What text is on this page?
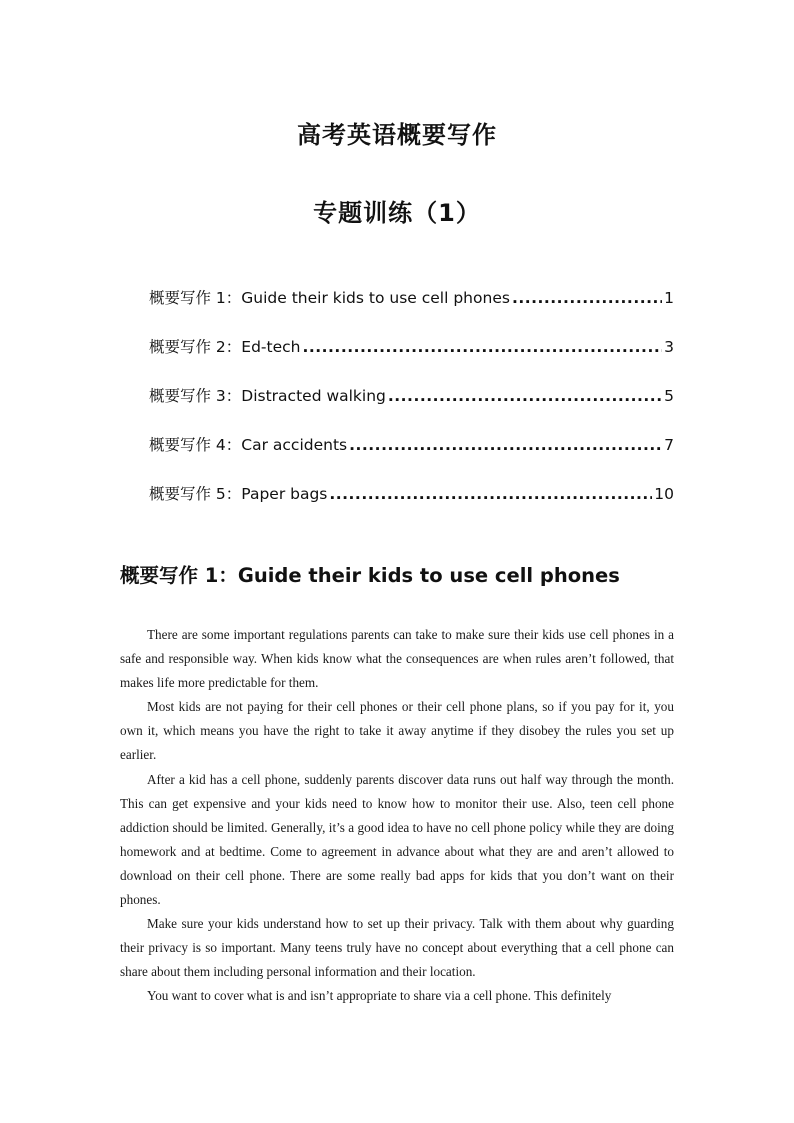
高考英语概要写作
专题训练（1）
概要写作 1：Guide their kids to use cell phones .....	1
概要写作 2：Ed-tech .....	3
概要写作 3：Distracted walking .....	5
概要写作 4：Car accidents .....	7
概要写作 5：Paper bags .....	10
概要写作 1：Guide their kids to use cell phones

There are some important regulations parents can take to make sure their kids use cell phones in a safe and responsible way. When kids know what the consequences are when rules aren’t followed, that makes life more predictable for them.

Most kids are not paying for their cell phones or their cell phone plans, so if you pay for it, you own it, which means you have the right to take it away anytime if they disobey the rules you set up earlier.

After a kid has a cell phone, suddenly parents discover data runs out half way through the month. This can get expensive and your kids need to know how to monitor their use. Also, teen cell phone addiction should be limited. Generally, it’s a good idea to have no cell phone policy while they are doing homework and at bedtime. Come to agreement in advance about what they are and aren’t allowed to download on their cell phone. There are some really bad apps for kids that you don’t want on their phones.

Make sure your kids understand how to set up their privacy. Talk with them about why guarding their privacy is so important. Many teens truly have no concept about everything that a cell phone can share about them including personal information and their location.

You want to cover what is and isn’t appropriate to share via a cell phone. This definitely
